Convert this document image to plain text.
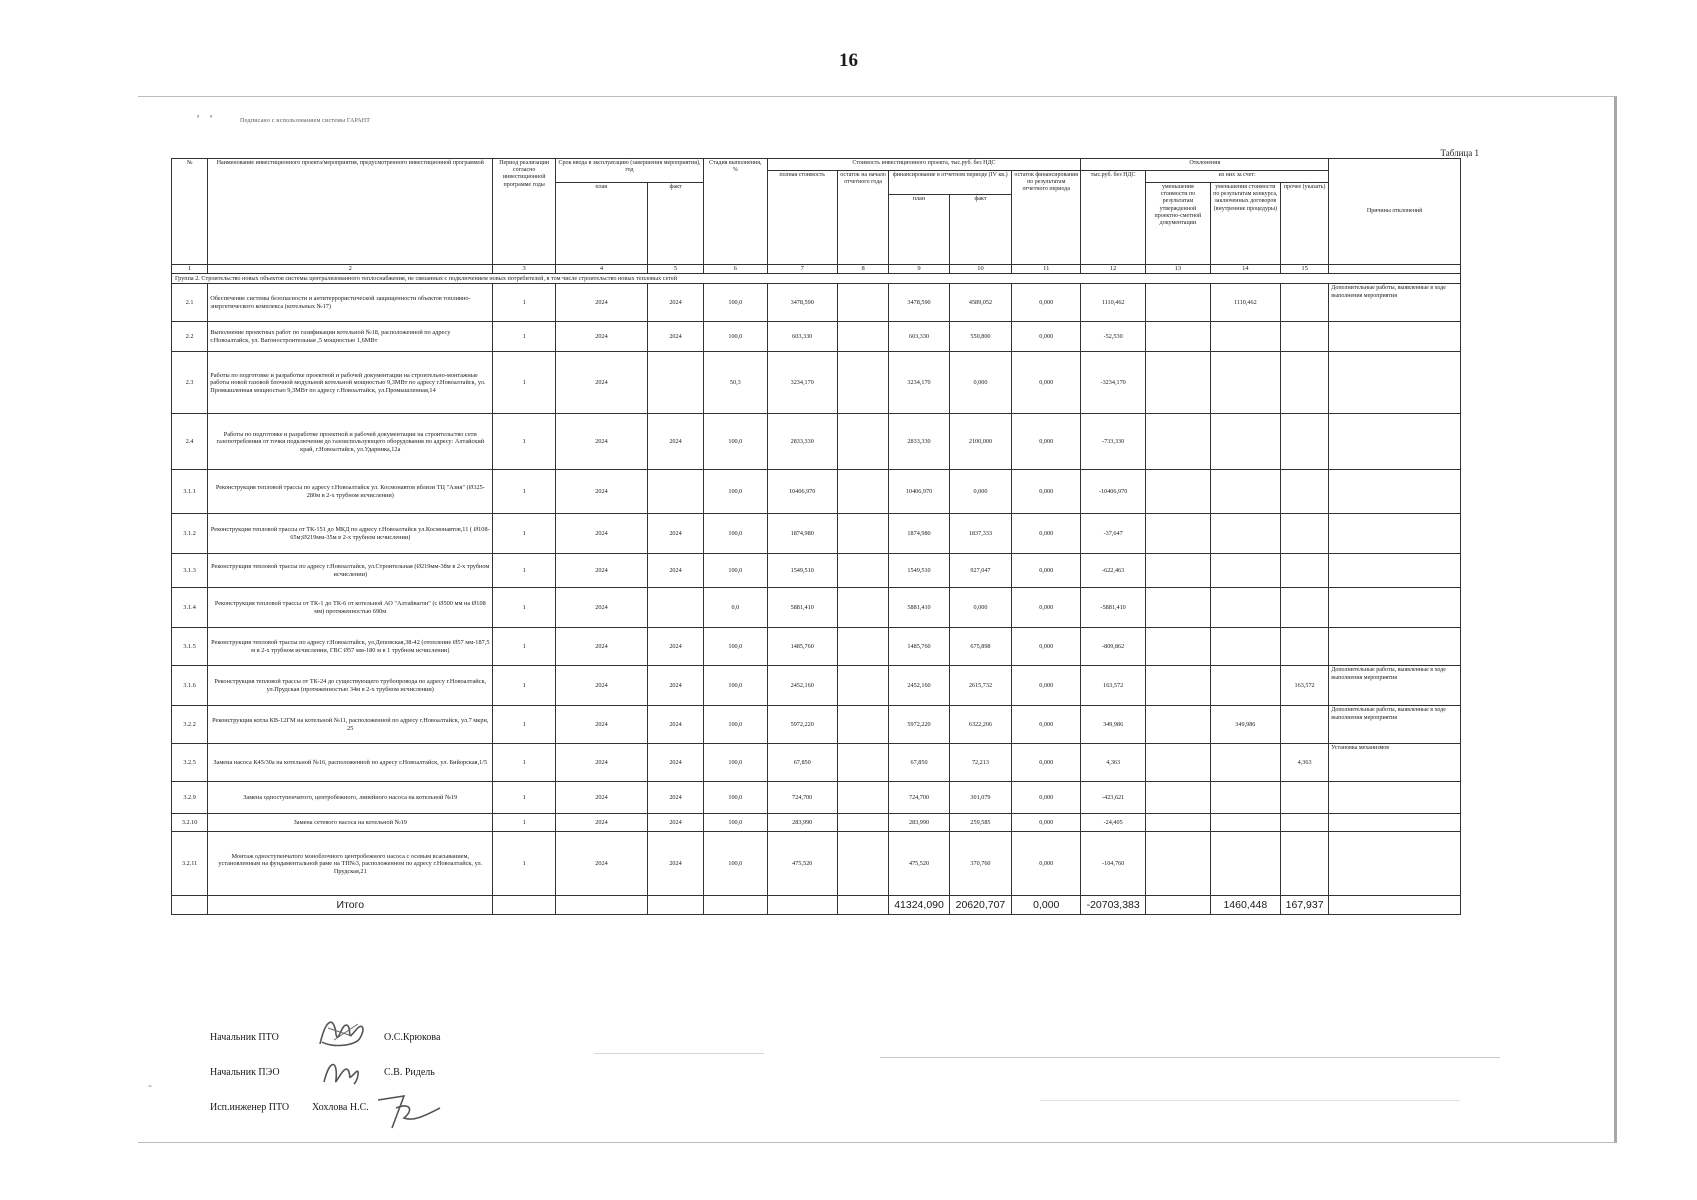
16
ʼ   ʼ	Подписано с использованием системы ГАРАНТ
Таблица 1
№	Наименование инвестиционного проекта/мероприятия, предусмотренного инвестиционной программой	Период реализации согласно инвестиционной программе годы	Срок ввода в эксплуатацию (завершения мероприятия), год		Стадия выполнения, %	Стоимость инвестиционного проекта, тыс.руб. без НДС					Отклонения				Причины отклонений
						полная стоимость	остаток на начало отчетного года	финансирование в отчетном периоде (IV кв.)		остаток финансирования по результатам отчетного периода	тыс.руб. без НДС	из них за счет:			
			план	факт								уменьшения стоимости по результатам утвержденной проектно-сметной документации	уменьшения стоимости по результатам конкурса, заключенных договоров (внутренние процедуры)	прочее (указать)	
								план	факт						
1	2	3	4	5	6	7	8	9	10	11	12	13	14	15	
Группа 2. Строительство новых объектов системы централизованного теплоснабжения, не связанных с подключением новых потребителей, в том числе строительство новых тепловых сетей															
2.1	Обеспечение системы безопасности и антитеррористической защищенности объектов топливно-энергетического комплекса (котельных №17)	1	2024	2024	100,0	3478,590		3478,590	4589,052	0,000	1110,462		1110,462		Дополнительные работы, выявленные в ходе выполнения мероприятия
2.2	Выполнение проектных работ по газификации котельной №18, расположенной по адресу г.Новоалтайск, ул. Вагоностроительная ,5 мощностью 1,6МВт	1	2024	2024	100,0	603,330		603,330	550,800	0,000	-52,530				
2.3	Работы по подготовке и разработке проектной и рабочей документации на строительно-монтажные работы новой газовой блочной модульной котельной мощностью 9,3МВт по адресу г.Новоалтайск, ул. Промышленная мощностью 9,3МВт по адресу г.Новоалтайск, ул.Промышленная,14	1	2024		50,3	3234,170		3234,170	0,000	0,000	-3234,170				
2.4	Работы по подготовке и разработке проектной и рабочей документации на строительство сети газопотребления от точки подключения до газоиспользующего оборудования по адресу: Алтайский край, г.Новоалтайск, ул.Ударника,12а	1	2024	2024	100,0	2833,330		2833,330	2100,000	0,000	-733,330				
3.1.1	Реконструкция тепловой трассы по адресу г.Новоалтайск ул. Космонавтов вблизи ТЦ "Азия" (Ø325-280м в 2-х трубном исчислении)	1	2024		100,0	10406,970		10406,970	0,000	0,000	-10406,970				
3.1.2	Реконструкция тепловой трассы от ТК-151 до МКД по адресу г.Новоалтайск ул.Космонавтов,11 ( Ø108-65м;Ø219мм-35м в 2-х трубном исчислении)	1	2024	2024	100,0	1874,980		1874,980	1837,333	0,000	-37,647				
3.1.3	Реконструкция тепловой трассы по адресу г.Новоалтайск, ул.Строительная (Ø219мм-38м в 2-х трубном исчислении)	1	2024	2024	100,0	1549,510		1549,510	927,047	0,000	-622,463				
3.1.4	Реконструкция тепловой трассы от ТК-1 до ТК-6 от котельной АО "Алтайвагон" (с Ø500 мм на Ø108 мм) протяженностью 690м	1	2024		0,0	5881,410		5881,410	0,000	0,000	-5881,410				
3.1.5	Реконструкция тепловой трассы по адресу г.Новоалтайск, ул.Деповская,38-42 (отопление Ø57 мм-187,5 м в 2-х трубном исчислении, ГВС Ø57 мм-180 м в 1 трубном исчислении)	1	2024	2024	100,0	1485,760		1485,760	675,898	0,000	-809,862				
3.1.6	Реконструкция тепловой трассы от ТК-24 до существующего трубопровода по адресу г.Новоалтайск, ул.Прудская (протяженностью 34м в 2-х трубном исчислении)	1	2024	2024	100,0	2452,160		2452,160	2615,732	0,000	163,572			163,572	Дополнительные работы, выявленные в ходе выполнения мероприятия
3.2.2	Реконструкция котла КВ-12ГМ на котельной №11, расположенной по адресу г.Новоалтайск, ул.7 мкрн, 25	1	2024	2024	100,0	5972,220		5972,220	6322,206	0,000	349,986		349,986		Дополнительные работы, выявленные в ходе выполнения мероприятия
3.2.5	Замена насоса К45/30а на котельной №16, расположенной по адресу г.Новоалтайск, ул. Бийорская,1/5	1	2024	2024	100,0	67,850		67,850	72,213	0,000	4,363			4,363	Установка механизмов
3.2.9	Замена одноступенчатого, центробежного, линейного насоса на котельной №19	1	2024	2024	100,0	724,700		724,700	301,079	0,000	-423,621				
3.2.10	Замена сетевого насоса на котельной №19	1	2024	2024	100,0	283,990		283,990	259,585	0,000	-24,405				
3.2.11	Монтаж одноступенчатого моноблочного центробежного насоса с осевым всасыванием, установленным на фундаментальной раме на ТП№3, расположенном по адресу г.Новоалтайск, ул. Прудская,21	1	2024	2024	100,0	475,520		475,520	370,760	0,000	-104,760				
	Итого							41324,090	20620,707	0,000	-20703,383		1460,448	167,937	
Начальник ПТО	О.С.Крюкова
Начальник ПЭО	С.В. Ридель
Исп.инженер ПТО Хохлова Н.С.
-
